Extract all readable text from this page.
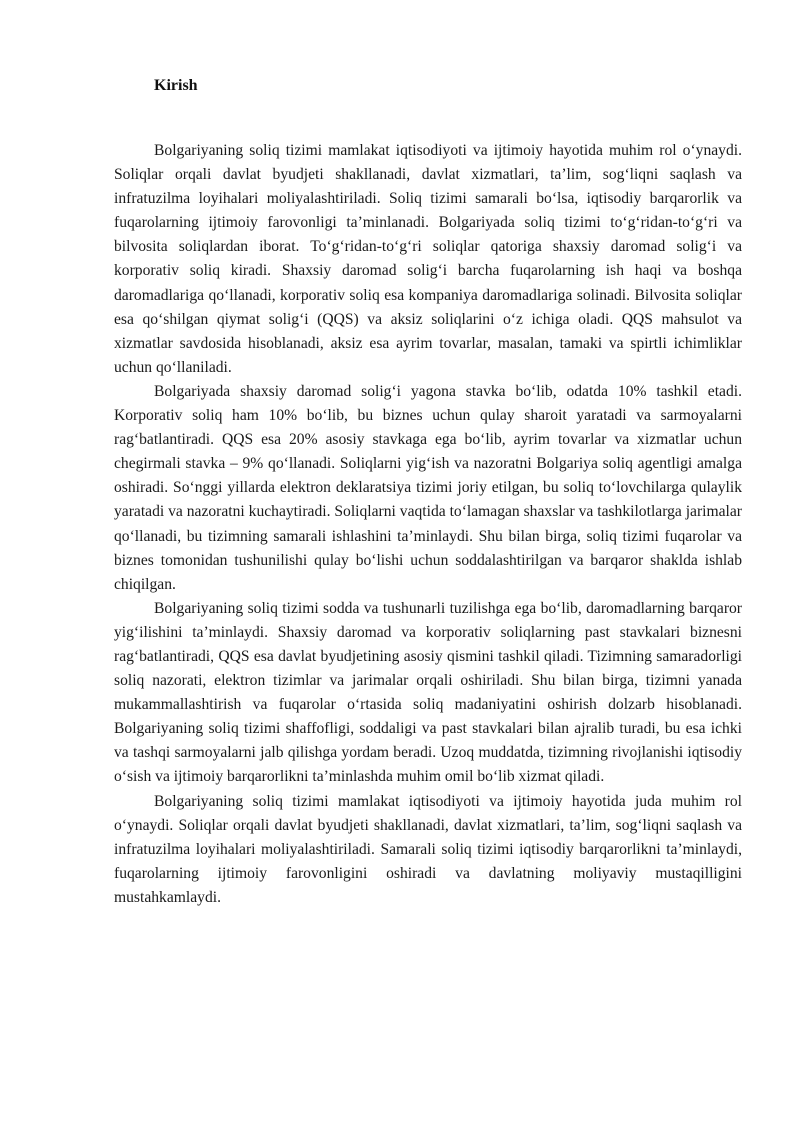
Kirish

Bolgariyaning soliq tizimi mamlakat iqtisodiyoti va ijtimoiy hayotida muhim rol o‘ynaydi. Soliqlar orqali davlat byudjeti shakllanadi, davlat xizmatlari, ta’lim, sog‘liqni saqlash va infratuzilma loyihalari moliyalashtiriladi. Soliq tizimi samarali bo‘lsa, iqtisodiy barqarorlik va fuqarolarning ijtimoiy farovonligi ta’minlanadi. Bolgariyada soliq tizimi to‘g‘ridan-to‘g‘ri va bilvosita soliqlardan iborat. To‘g‘ridan-to‘g‘ri soliqlar qatoriga shaxsiy daromad solig‘i va korporativ soliq kiradi. Shaxsiy daromad solig‘i barcha fuqarolarning ish haqi va boshqa daromadlariga qo‘llanadi, korporativ soliq esa kompaniya daromadlariga solinadi. Bilvosita soliqlar esa qo‘shilgan qiymat solig‘i (QQS) va aksiz soliqlarini o‘z ichiga oladi. QQS mahsulot va xizmatlar savdosida hisoblanadi, aksiz esa ayrim tovarlar, masalan, tamaki va spirtli ichimliklar uchun qo‘llaniladi.

Bolgariyada shaxsiy daromad solig‘i yagona stavka bo‘lib, odatda 10% tashkil etadi. Korporativ soliq ham 10% bo‘lib, bu biznes uchun qulay sharoit yaratadi va sarmoyalarni rag‘batlantiradi. QQS esa 20% asosiy stavkaga ega bo‘lib, ayrim tovarlar va xizmatlar uchun chegirmali stavka – 9% qo‘llanadi. Soliqlarni yig‘ish va nazoratni Bolgariya soliq agentligi amalga oshiradi. So‘nggi yillarda elektron deklaratsiya tizimi joriy etilgan, bu soliq to‘lovchilarga qulaylik yaratadi va nazoratni kuchaytiradi. Soliqlarni vaqtida to‘lamagan shaxslar va tashkilotlarga jarimalar qo‘llanadi, bu tizimning samarali ishlashini ta’minlaydi. Shu bilan birga, soliq tizimi fuqarolar va biznes tomonidan tushunilishi qulay bo‘lishi uchun soddalashtirilgan va barqaror shaklda ishlab chiqilgan.

Bolgariyaning soliq tizimi sodda va tushunarli tuzilishga ega bo‘lib, daromadlarning barqaror yig‘ilishini ta’minlaydi. Shaxsiy daromad va korporativ soliqlarning past stavkalari biznesni rag‘batlantiradi, QQS esa davlat byudjetining asosiy qismini tashkil qiladi. Tizimning samaradorligi soliq nazorati, elektron tizimlar va jarimalar orqali oshiriladi. Shu bilan birga, tizimni yanada mukammallashtirish va fuqarolar o‘rtasida soliq madaniyatini oshirish dolzarb hisoblanadi. Bolgariyaning soliq tizimi shaffofligi, soddaligi va past stavkalari bilan ajralib turadi, bu esa ichki va tashqi sarmoyalarni jalb qilishga yordam beradi. Uzoq muddatda, tizimning rivojlanishi iqtisodiy o‘sish va ijtimoiy barqarorlikni ta’minlashda muhim omil bo‘lib xizmat qiladi.

Bolgariyaning soliq tizimi mamlakat iqtisodiyoti va ijtimoiy hayotida juda muhim rol o‘ynaydi. Soliqlar orqali davlat byudjeti shakllanadi, davlat xizmatlari, ta’lim, sog‘liqni saqlash va infratuzilma loyihalari moliyalashtiriladi. Samarali soliq tizimi iqtisodiy barqarorlikni ta’minlaydi, fuqarolarning ijtimoiy farovonligini oshiradi va davlatning moliyaviy mustaqilligini mustahkamlaydi.
